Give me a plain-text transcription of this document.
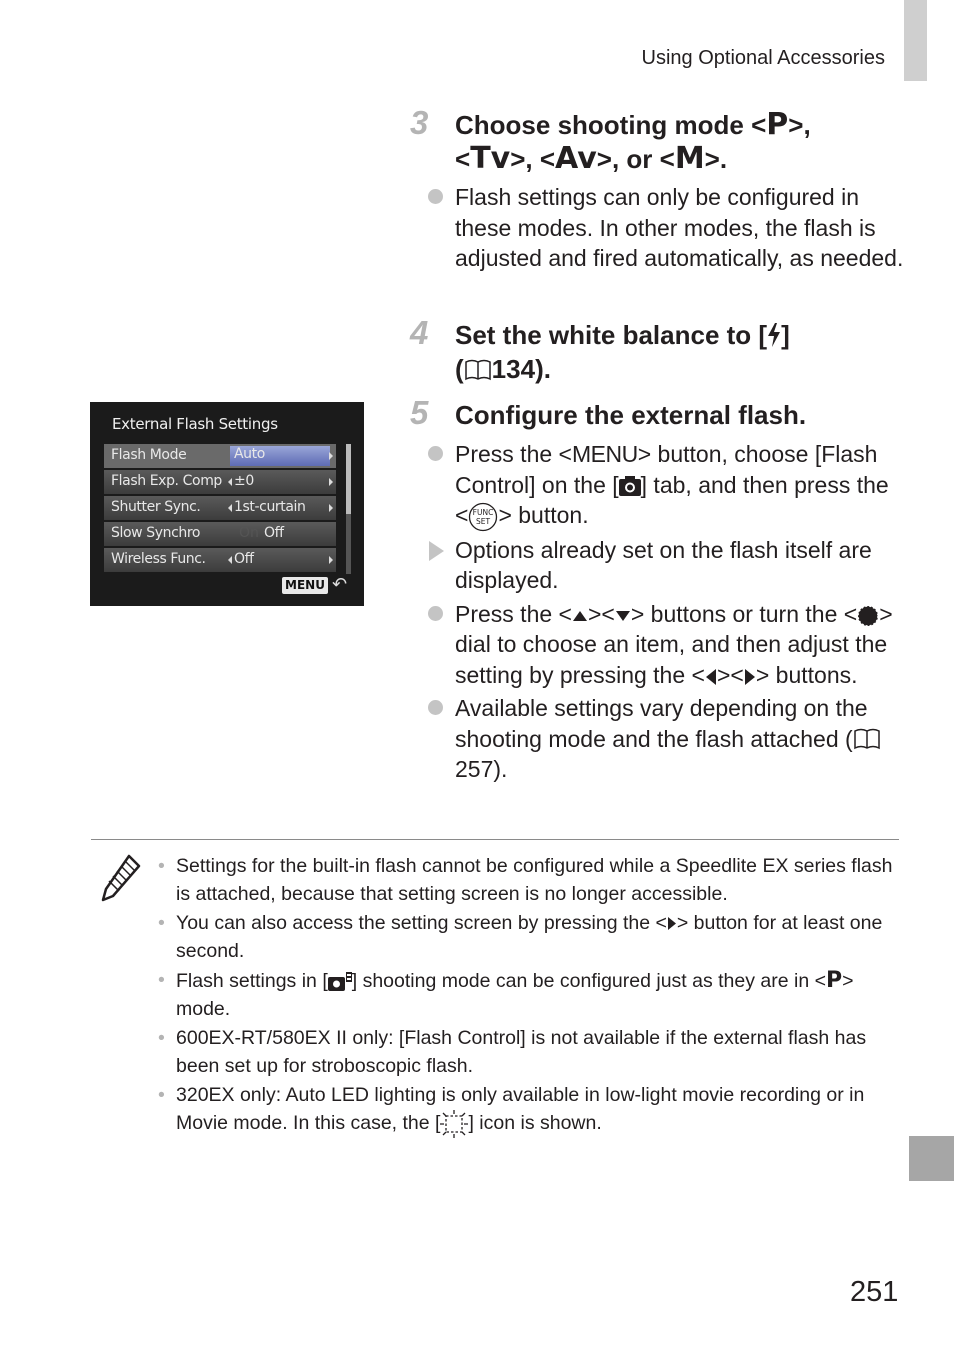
Using Optional Accessories
3 Choose shooting mode <P>,
<Tv>, <Av>, or <M>.
Flash settings can only be configured in these modes. In other modes, the flash is adjusted and fired automatically, as needed.
4 Set the white balance to [ ]
( 134).
5 Configure the external flash.
Press the <MENU> button, choose [Flash Control] on the [ ] tab, and then press the < FUNC
SET > button.
Options already set on the flash itself are displayed.
Press the < >< > buttons or turn the < > dial to choose an item, and then adjust the setting by pressing the < >< > buttons.
Available settings vary depending on the shooting mode and the flash attached (257).
External Flash Settings
Flash Mode	Auto
Flash Exp. Comp ±0
Shutter Sync. 1st-curtain
Slow Synchro	On Off
Wireless Func. Off
MENU ↶
• Settings for the built-in flash cannot be configured while a Speedlite EX series flash is attached, because that setting screen is no longer accessible.
• You can also access the setting screen by pressing the < > button for at least one second.
• Flash settings in [ ] shooting mode can be configured just as they are in <P> mode.
• 600EX-RT/580EX II only: [Flash Control] is not available if the external flash has been set up for stroboscopic flash.
• 320EX only: Auto LED lighting is only available in low-light movie recording or in Movie mode. In this case, the [ ] icon is shown.
251
